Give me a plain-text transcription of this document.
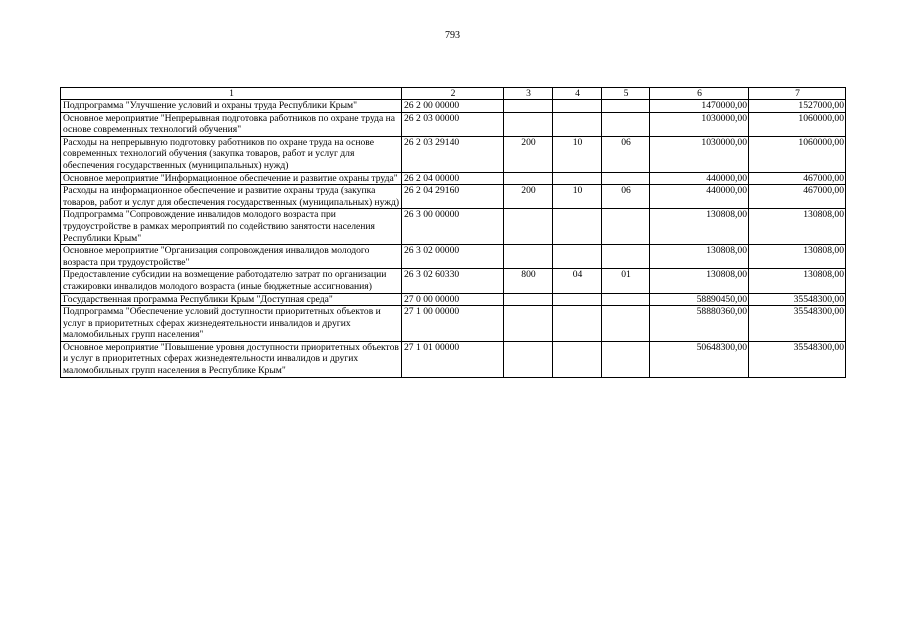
793
1	2	3	4	5	6	7
Подпрограмма "Улучшение условий и охраны труда Республики Крым"	26 2 00 00000				1470000,00	1527000,00
Основное мероприятие "Непрерывная подготовка работников по охране труда на основе современных технологий обучения"	26 2 03 00000				1030000,00	1060000,00
Расходы на непрерывную подготовку работников по охране труда на основе современных технологий обучения (закупка товаров, работ и услуг для обеспечения государственных (муниципальных) нужд)	26 2 03 29140	200	10	06	1030000,00	1060000,00
Основное мероприятие "Информационное обеспечение и развитие охраны труда"	26 2 04 00000				440000,00	467000,00
Расходы на информационное обеспечение и развитие охраны труда (закупка товаров, работ и услуг для обеспечения государственных (муниципальных) нужд)	26 2 04 29160	200	10	06	440000,00	467000,00
Подпрограмма "Сопровождение инвалидов молодого возраста при трудоустройстве в рамках мероприятий по содействию занятости населения Республики Крым"	26 3 00 00000				130808,00	130808,00
Основное мероприятие "Организация сопровождения инвалидов молодого возраста при трудоустройстве"	26 3 02 00000				130808,00	130808,00
Предоставление субсидии на возмещение работодателю затрат по организации стажировки инвалидов молодого возраста (иные бюджетные ассигнования)	26 3 02 60330	800	04	01	130808,00	130808,00
Государственная программа Республики Крым "Доступная среда"	27 0 00 00000				58890450,00	35548300,00
Подпрограмма "Обеспечение условий доступности приоритетных объектов и услуг в приоритетных сферах жизнедеятельности инвалидов и других маломобильных групп населения"	27 1 00 00000				58880360,00	35548300,00
Основное мероприятие "Повышение уровня доступности приоритетных объектов и услуг в приоритетных сферах жизнедеятельности инвалидов и других маломобильных групп населения в Республике Крым"	27 1 01 00000				50648300,00	35548300,00
